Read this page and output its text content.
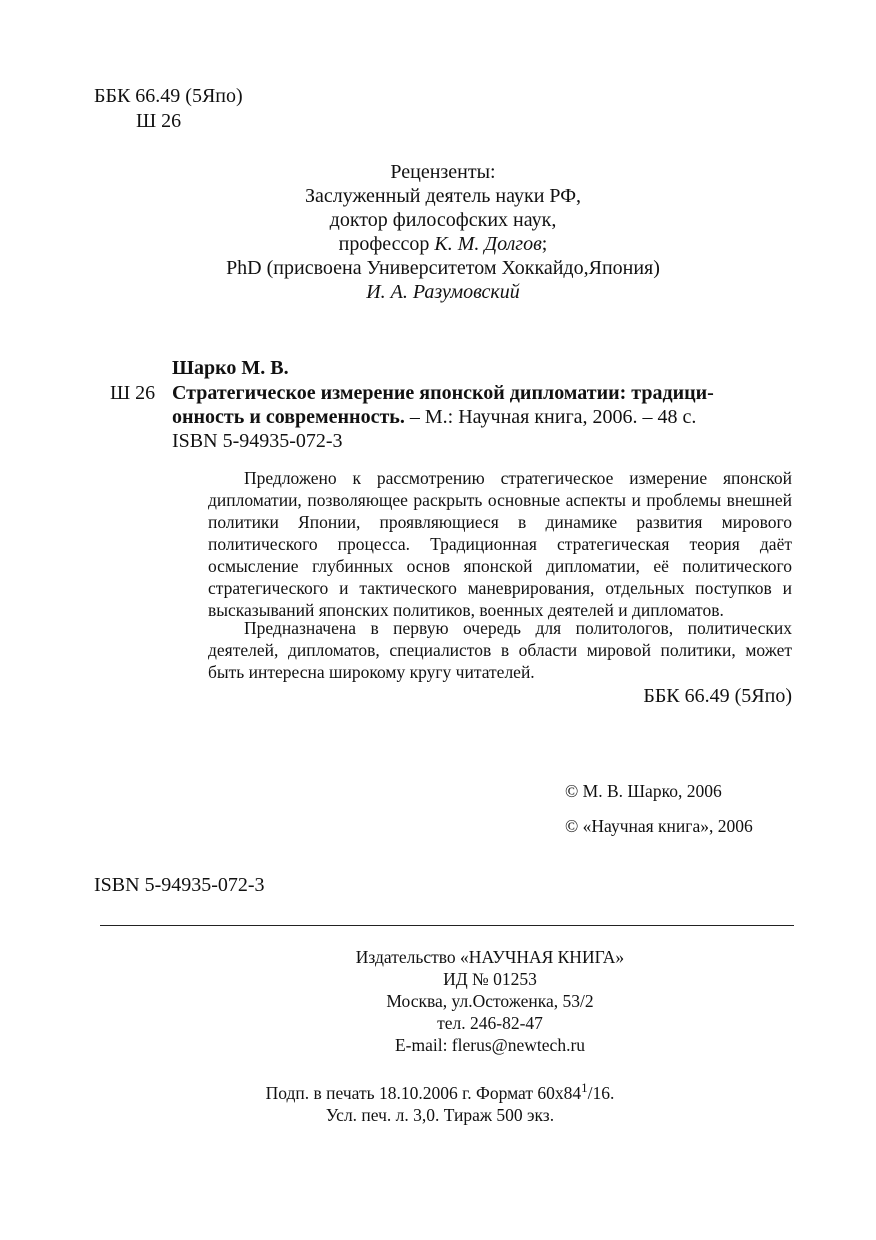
ББК 66.49 (5Япо)
Ш 26
Рецензенты:
Заслуженный деятель науки РФ,
доктор философских наук,
профессор К. М. Долгов;
PhD (присвоена Университетом Хоккайдо,Япония)
И. А. Разумовский
Шарко М. В.
Ш 26 Стратегическое измерение японской дипломатии: традици-
онность и современность. – М.: Научная книга, 2006. – 48 с.
ISBN 5-94935-072-3
Предложено к рассмотрению стратегическое измерение японской дипломатии, позволяющее раскрыть основные аспекты и проблемы внешней политики Японии, проявляющиеся в динамике развития мирового политического процесса. Традиционная стратегическая теория даёт осмысление глубинных основ японской дипломатии, её политического стратегического и тактического маневрирования, отдельных поступков и высказываний японских политиков, военных деятелей и дипломатов.
Предназначена в первую очередь для политологов, политических деятелей, дипломатов, специалистов в области мировой политики, может быть интересна широкому кругу читателей.
ББК 66.49 (5Япо)
© М. В. Шарко, 2006
© «Научная книга», 2006
ISBN 5-94935-072-3
Издательство «НАУЧНАЯ КНИГА»
ИД № 01253
Москва, ул.Остоженка, 53/2
тел. 246-82-47
E-mail: flerus@newtech.ru
Подп. в печать 18.10.2006 г. Формат $60х84^1/16$.
Усл. печ. л. 3,0. Тираж 500 экз.
